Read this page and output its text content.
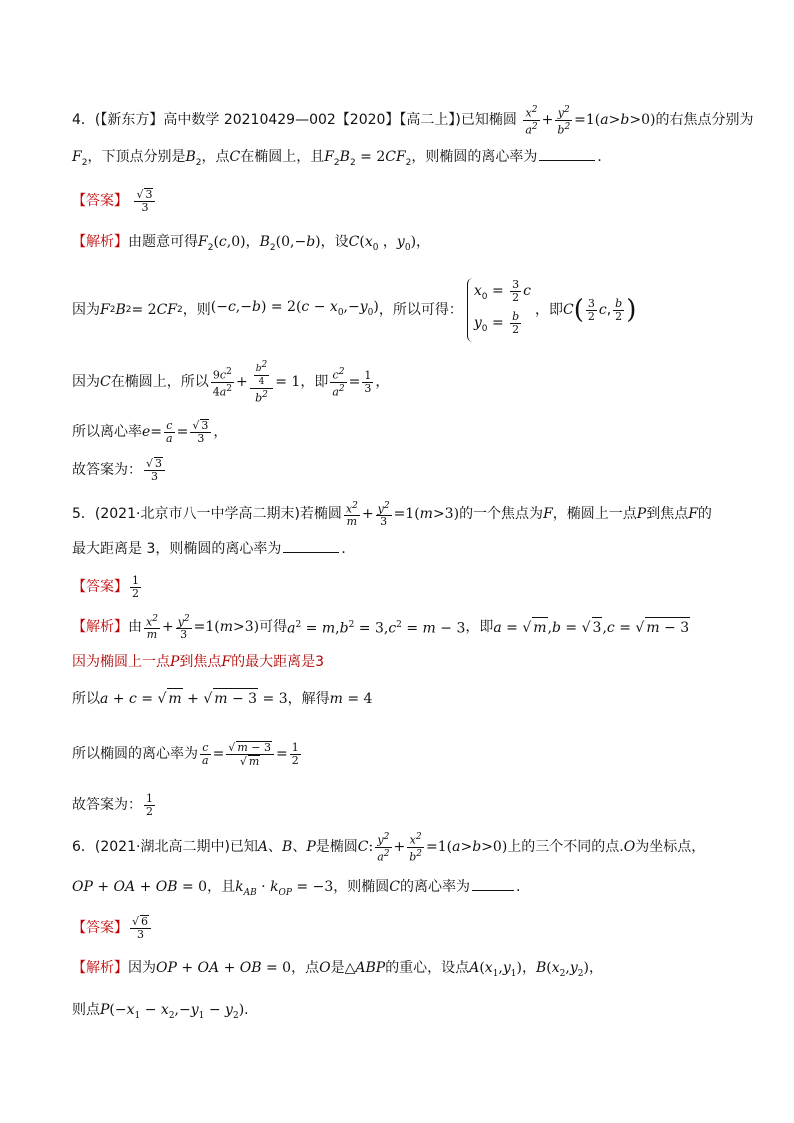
4．(【新东方】高中数学 20210429—002【2020】【高二上】)已知椭圆 $\frac{x^2}{a^2} + \frac{y^2}{b^2} =1(a>b>0)$的右焦点分别为
$F_2$，下顶点分别是$B_2$，点C在椭圆上，且$F_2B_2 = 2CF_2$，则椭圆的离心率为	．
【答案】 $\frac{√ 3}{3}$
【解析】由题意可得$F_2(c,0)$，$B_2(0,-b)$，设$C(x_0$ ，$y_0$)，
因为 F 2 B 2 = 2 CF 2 ，则 $(-c,-b) = 2(c - x_0,-y_0)$ ，所以可得：
$x_0 = \frac{3}{2}$ c
$y_0 = \frac{b}{2}$
，即 C ( $\frac{3}{2}$ c , $\frac{b}{2}$ )
因为 C 在椭圆上，所以 $\frac{9c^2}{4a^2} + \frac{\frac{b^2}{4}}{b^2} = 1$ ，即 $\frac{c^2}{a^2} = \frac{1}{3}$ ，
所以离心率 $e = \frac{c}{a} = \frac{√ 3}{3}$ ，
故答案为： $\frac{√ 3}{3}$
5．(2021·北京市八一中学高二期末)若椭圆 $\frac{x^2}{m} + \frac{y^2}{3} =1(m>3)$ 的一个焦点为 F ，椭圆上一点 P 到焦点 F 的
最大距离是 3，则椭圆的离心率为	．
【答案】 $\frac{1}{2}$
【解析】 由 $\frac{x^2}{m} + \frac{y^2}{3} =1(m>3)$ 可得 $a^2 = m,b^2 = 3,c^2 = m - 3$ ，即 a = √ m,b = √ 3,c = √ m − 3
因为椭圆上一点P到焦点F的最大距离是3
所以a + c = √ m + √ m − 3 = 3，解得m = 4
所以椭圆的离心率为 $\frac{c}{a} = \frac{√ m - 3}{√ m} = \frac{1}{2}$
故答案为： $\frac{1}{2}$
6．(2021·湖北高二期中)已知 A 、 B 、 P 是椭圆 C : $\frac{y^2}{a^2} + \frac{x^2}{b^2} =1(a>b>0)$ 上的三个不同的点. O 为坐标点，
OP + OA + OB = 0，且$k_{AB} \cdot k_{OP} = -3$，则椭圆C的离心率为	.
【答案】 $\frac{√ 6}{3}$
【解析】因为OP + OA + OB = 0，点O是△ABP的重心，设点$A(x_1,y_1)$，$B(x_2,y_2)$，
则点$P(-x_1 - x_2,-y_1 - y_2)$.
